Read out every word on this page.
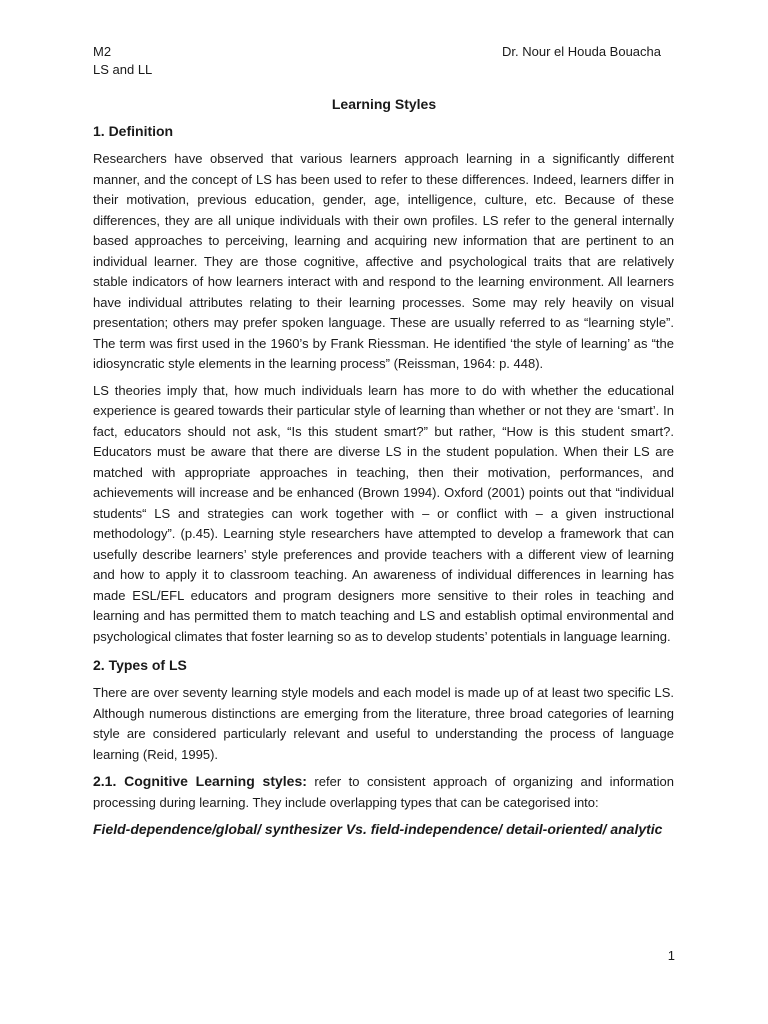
M2
LS and LL
Dr. Nour el Houda Bouacha
Learning Styles
1. Definition

Researchers have observed that various learners approach learning in a significantly different manner, and the concept of LS has been used to refer to these differences. Indeed, learners differ in their motivation, previous education, gender, age, intelligence, culture, etc. Because of these differences, they are all unique individuals with their own profiles. LS refer to the general internally based approaches to perceiving, learning and acquiring new information that are pertinent to an individual learner. They are those cognitive, affective and psychological traits that are relatively stable indicators of how learners interact with and respond to the learning environment. All learners have individual attributes relating to their learning processes. Some may rely heavily on visual presentation; others may prefer spoken language. These are usually referred to as “learning style”. The term was first used in the 1960’s by Frank Riessman. He identified ‘the style of learning’ as “the idiosyncratic style elements in the learning process” (Reissman, 1964: p. 448).

LS theories imply that, how much individuals learn has more to do with whether the educational experience is geared towards their particular style of learning than whether or not they are ‘smart’. In fact, educators should not ask, “Is this student smart?” but rather, “How is this student smart?. Educators must be aware that there are diverse LS in the student population. When their LS are matched with appropriate approaches in teaching, then their motivation, performances, and achievements will increase and be enhanced (Brown 1994). Oxford (2001) points out that “individual students“ LS and strategies can work together with – or conflict with – a given instructional methodology”. (p.45). Learning style researchers have attempted to develop a framework that can usefully describe learners’ style preferences and provide teachers with a different view of learning and how to apply it to classroom teaching. An awareness of individual differences in learning has made ESL/EFL educators and program designers more sensitive to their roles in teaching and learning and has permitted them to match teaching and LS and establish optimal environmental and psychological climates that foster learning so as to develop students’ potentials in language learning.

2. Types of LS

There are over seventy learning style models and each model is made up of at least two specific LS. Although numerous distinctions are emerging from the literature, three broad categories of learning style are considered particularly relevant and useful to understanding the process of language learning (Reid, 1995).

2.1. Cognitive Learning styles: refer to consistent approach of organizing and information processing during learning. They include overlapping types that can be categorised into:

Field-dependence/global/ synthesizer Vs. field-independence/ detail-oriented/ analytic
1
